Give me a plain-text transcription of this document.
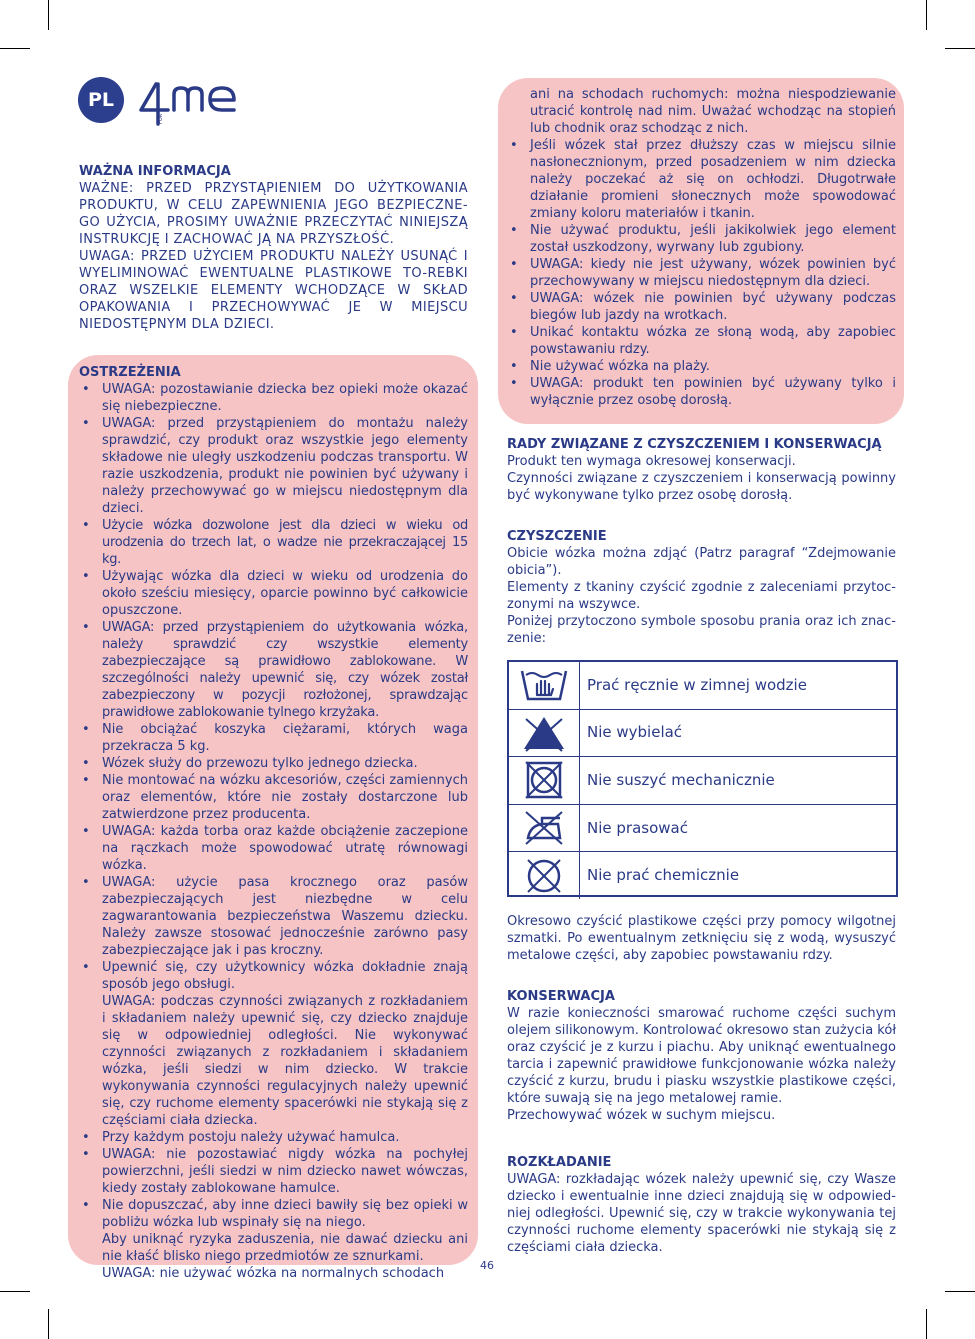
PL
FOR
WAŻNA INFORMACJA

WAŻNE: PRZED PRZYSTĄPIENIEM DO UŻYTKOWANIA PRODUKTU, W CELU ZAPEWNIENIA JEGO BEZPIECZNE-GO UŻYCIA, PROSIMY UWAŻNIE PRZECZYTAĆ NINIEJSZĄ INSTRUKCJĘ I ZACHOWAĆ JĄ NA PRZYSZŁOŚĆ.

UWAGA: PRZED UŻYCIEM PRODUKTU NALEŻY USUNĄĆ I WYELIMINOWAĆ EWENTUALNE PLASTIKOWE TO-REBKI ORAZ WSZELKIE ELEMENTY WCHODZĄCE W SKŁAD OPAKOWANIA I PRZECHOWYWAĆ JE W MIEJSCU NIEDOSTĘPNYM DLA DZIECI.

OSTRZEŻENIA
• UWAGA: pozostawianie dziecka bez opieki może okazać się niebezpieczne.
• UWAGA: przed przystąpieniem do montażu należy sprawdzić, czy produkt oraz wszystkie jego elementy składowe nie uległy uszkodzeniu podczas transportu. W razie uszkodzenia, produkt nie powinien być używany i należy przechowywać go w miejscu niedostępnym dla dzieci.
• Użycie wózka dozwolone jest dla dzieci w wieku od urodzenia do trzech lat, o wadze nie przekraczającej 15 kg.
• Używając wózka dla dzieci w wieku od urodzenia do około sześciu miesięcy, oparcie powinno być całkowicie opuszczone.
• UWAGA: przed przystąpieniem do użytkowania wózka, należy sprawdzić czy wszystkie elementy zabezpieczające są prawidłowo zablokowane. W szczególności należy upewnić się, czy wózek został zabezpieczony w pozycji rozłożonej, sprawdzając prawidłowe zablokowanie tylnego krzyżaka.
• Nie obciążać koszyka ciężarami, których waga przekracza 5 kg.
• Wózek służy do przewozu tylko jednego dziecka.
• Nie montować na wózku akcesoriów, części zamiennych oraz elementów, które nie zostały dostarczone lub zatwierdzone przez producenta.
• UWAGA: każda torba oraz każde obciążenie zaczepione na rączkach może spowodować utratę równowagi wózka.
• UWAGA: użycie pasa krocznego oraz pasów zabezpieczających jest niezbędne w celu zagwarantowania bezpieczeństwa Waszemu dziecku. Należy zawsze stosować jednocześnie zarówno pasy zabezpieczające jak i pas kroczny.
• Upewnić się, czy użytkownicy wózka dokładnie znają sposób jego obsługi.

UWAGA: podczas czynności związanych z rozkładaniem i składaniem należy upewnić się, czy dziecko znajduje się w odpowiedniej odległości. Nie wykonywać czynności związanych z rozkładaniem i składaniem wózka, jeśli siedzi w nim dziecko. W trakcie wykonywania czynności regulacyjnych należy upewnić się, czy ruchome elementy spacerówki nie stykają się z częściami ciała dziecka.

• Przy każdym postoju należy używać hamulca.
• UWAGA: nie pozostawiać nigdy wózka na pochyłej powierzchni, jeśli siedzi w nim dziecko nawet wówczas, kiedy zostały zablokowane hamulce.
• Nie dopuszczać, aby inne dzieci bawiły się bez opieki w pobliżu wózka lub wspinały się na niego.

Aby uniknąć ryzyka zaduszenia, nie dawać dziecku ani nie kłaść blisko niego przedmiotów ze sznurkami.

UWAGA: nie używać wózka na normalnych schodach

ani na schodach ruchomych: można niespodziewanie utracić kontrolę nad nim. Uważać wchodząc na stopień lub chodnik oraz schodząc z nich.

• Jeśli wózek stał przez dłuższy czas w miejscu silnie nasłonecznionym, przed posadzeniem w nim dziecka należy poczekać aż się on ochłodzi. Długotrwałe działanie promieni słonecznych może spowodować zmiany koloru materiałów i tkanin.
• Nie używać produktu, jeśli jakikolwiek jego element został uszkodzony, wyrwany lub zgubiony.
• UWAGA: kiedy nie jest używany, wózek powinien być przechowywany w miejscu niedostępnym dla dzieci.
• UWAGA: wózek nie powinien być używany podczas biegów lub jazdy na wrotkach.
• Unikać kontaktu wózka ze słoną wodą, aby zapobiec powstawaniu rdzy.
• Nie używać wózka na plaży.
• UWAGA: produkt ten powinien być używany tylko i wyłącznie przez osobę dorosłą.
RADY ZWIĄZANE Z CZYSZCZENIEM I KONSERWACJĄ

Produkt ten wymaga okresowej konserwacji.

Czynności związane z czyszczeniem i konserwacją powinny być wykonywane tylko przez osobę dorosłą.

CZYSZCZENIE

Obicie wózka można zdjąć (Patrz paragraf “Zdejmowanie obicia”).

Elementy z tkaniny czyścić zgodnie z zaleceniami przytoc-zonymi na wszywce.

Poniżej przytoczono symbole sposobu prania oraz ich znac-zenie:

Prać ręcznie w zimnej wodzie
Nie wybielać
Nie suszyć mechanicznie
Nie prasować
Nie prać chemicznie

Okresowo czyścić plastikowe części przy pomocy wilgotnej szmatki. Po ewentualnym zetknięciu się z wodą, wysuszyć metalowe części, aby zapobiec powstawaniu rdzy.

KONSERWACJA

W razie konieczności smarować ruchome części suchym olejem silikonowym. Kontrolować okresowo stan zużycia kół oraz czyścić je z kurzu i piachu. Aby uniknąć ewentualnego tarcia i zapewnić prawidłowe funkcjonowanie wózka należy czyścić z kurzu, brudu i piasku wszystkie plastikowe części, które suwają się na jego metalowej ramie.

Przechowywać wózek w suchym miejscu.

ROZKŁADANIE

UWAGA: rozkładając wózek należy upewnić się, czy Wasze dziecko i ewentualnie inne dzieci znajdują się w odpowied-niej odległości. Upewnić się, czy w trakcie wykonywania tej czynności ruchome elementy spacerówki nie stykają się z częściami ciała dziecka.

46
